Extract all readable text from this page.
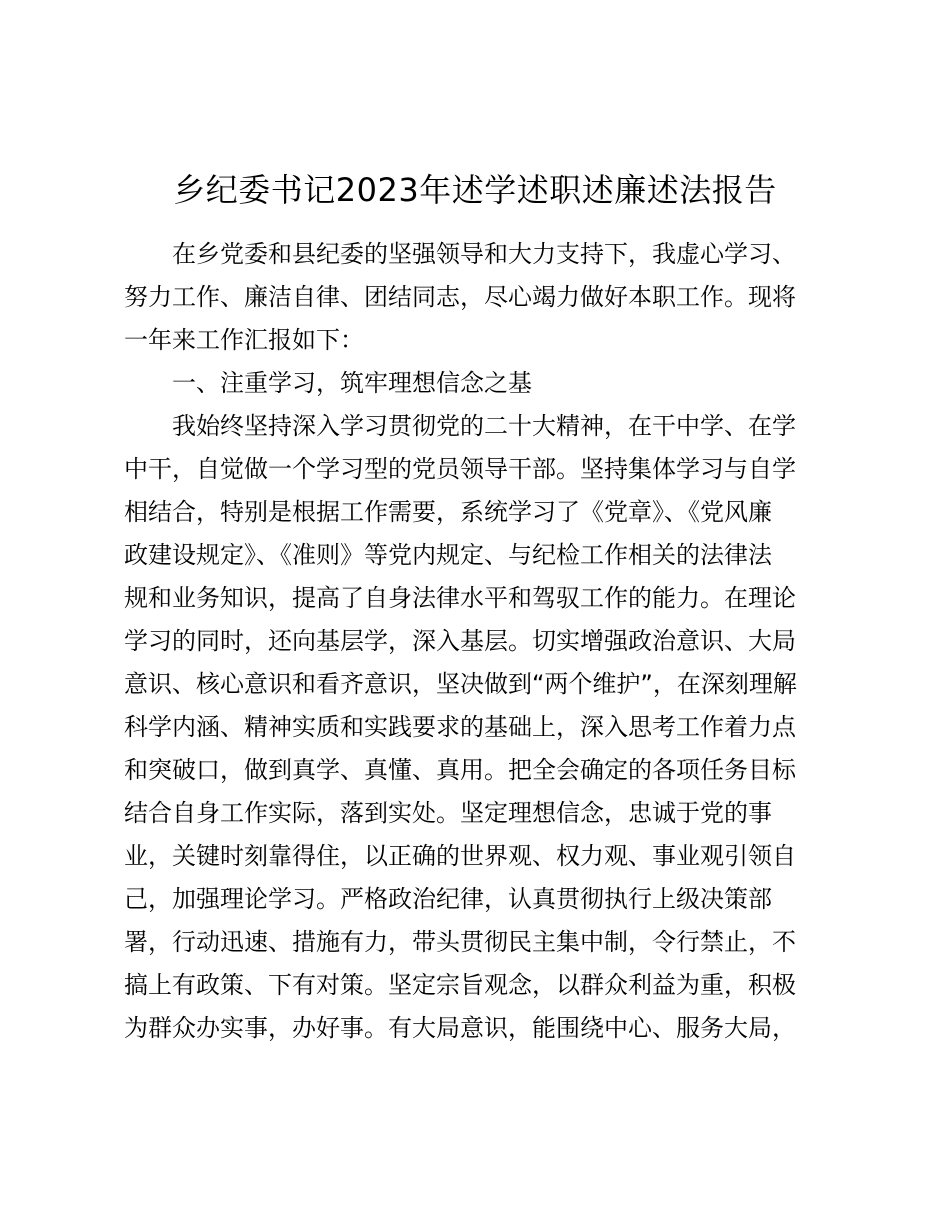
乡纪委书记2023年述学述职述廉述法报告
在乡党委和县纪委的坚强领导和大力支持下，我虚心学习、
努力工作、廉洁自律、团结同志，尽心竭力做好本职工作。现将
一年来工作汇报如下：
一、注重学习，筑牢理想信念之基
我始终坚持深入学习贯彻党的二十大精神，在干中学、在学
中干，自觉做一个学习型的党员领导干部。坚持集体学习与自学
相结合，特别是根据工作需要，系统学习了《党章》、《党风廉
政建设规定》、《准则》等党内规定、与纪检工作相关的法律法
规和业务知识，提高了自身法律水平和驾驭工作的能力。在理论
学习的同时，还向基层学，深入基层。切实增强政治意识、大局
意识、核心意识和看齐意识，坚决做到“两个维护”，在深刻理解
科学内涵、精神实质和实践要求的基础上，深入思考工作着力点
和突破口，做到真学、真懂、真用。把全会确定的各项任务目标
结合自身工作实际，落到实处。坚定理想信念，忠诚于党的事
业，关键时刻靠得住，以正确的世界观、权力观、事业观引领自
己，加强理论学习。严格政治纪律，认真贯彻执行上级决策部
署，行动迅速、措施有力，带头贯彻民主集中制，令行禁止，不
搞上有政策、下有对策。坚定宗旨观念，以群众利益为重，积极
为群众办实事，办好事。有大局意识，能围绕中心、服务大局，
